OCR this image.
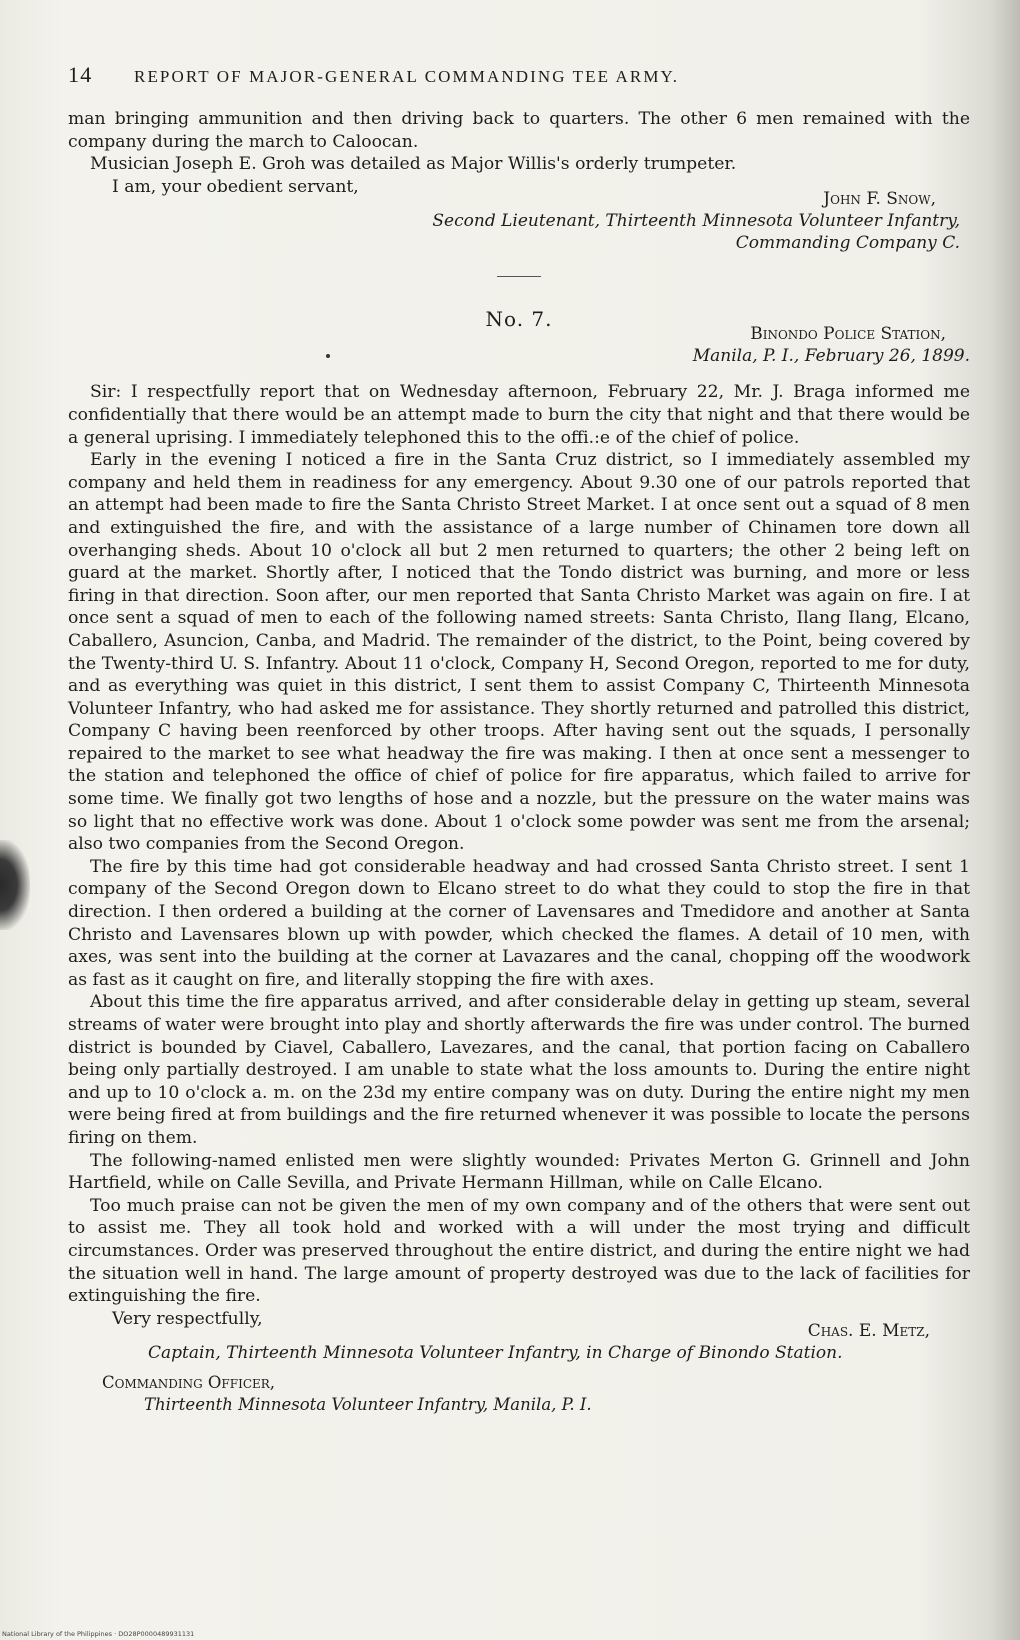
14	REPORT OF MAJOR-GENERAL COMMANDING TEE ARMY.

man bringing ammunition and then driving back to quarters. The other 6 men remained with the company during the march to Caloocan.

Musician Joseph E. Groh was detailed as Major Willis's orderly trumpeter.

I am, your obedient servant,

John F. Snow,
Second Lieutenant, Thirteenth Minnesota Volunteer Infantry,
Commanding Company C.
No. 7.
Binondo Police Station,
Manila, P. I., February 26, 1899.

Sir: I respectfully report that on Wednesday afternoon, February 22, Mr. J. Braga informed me confidentially that there would be an attempt made to burn the city that night and that there would be a general uprising. I immediately telephoned this to the offi.:e of the chief of police.

Early in the evening I noticed a fire in the Santa Cruz district, so I immediately assembled my company and held them in readiness for any emergency. About 9.30 one of our patrols reported that an attempt had been made to fire the Santa Christo Street Market. I at once sent out a squad of 8 men and extinguished the fire, and with the assistance of a large number of Chinamen tore down all overhanging sheds. About 10 o'clock all but 2 men returned to quarters; the other 2 being left on guard at the market. Shortly after, I noticed that the Tondo district was burning, and more or less firing in that direction. Soon after, our men reported that Santa Christo Market was again on fire. I at once sent a squad of men to each of the following named streets: Santa Christo, Ilang Ilang, Elcano, Caballero, Asuncion, Canba, and Madrid. The remainder of the district, to the Point, being covered by the Twenty-third U. S. Infantry. About 11 o'clock, Company H, Second Oregon, reported to me for duty, and as everything was quiet in this district, I sent them to assist Company C, Thirteenth Minnesota Volunteer Infantry, who had asked me for assistance. They shortly returned and patrolled this district, Company C having been reenforced by other troops. After having sent out the squads, I personally repaired to the market to see what headway the fire was making. I then at once sent a messenger to the station and telephoned the office of chief of police for fire apparatus, which failed to arrive for some time. We finally got two lengths of hose and a nozzle, but the pressure on the water mains was so light that no effective work was done. About 1 o'clock some powder was sent me from the arsenal; also two companies from the Second Oregon.

The fire by this time had got considerable headway and had crossed Santa Christo street. I sent 1 company of the Second Oregon down to Elcano street to do what they could to stop the fire in that direction. I then ordered a building at the corner of Lavensares and Tmedidore and another at Santa Christo and Lavensares blown up with powder, which checked the flames. A detail of 10 men, with axes, was sent into the building at the corner at Lavazares and the canal, chopping off the woodwork as fast as it caught on fire, and literally stopping the fire with axes.

About this time the fire apparatus arrived, and after considerable delay in getting up steam, several streams of water were brought into play and shortly afterwards the fire was under control. The burned district is bounded by Ciavel, Caballero, Lavezares, and the canal, that portion facing on Caballero being only partially destroyed. I am unable to state what the loss amounts to. During the entire night and up to 10 o'clock a. m. on the 23d my entire company was on duty. During the entire night my men were being fired at from buildings and the fire returned whenever it was possible to locate the persons firing on them.

The following-named enlisted men were slightly wounded: Privates Merton G. Grinnell and John Hartfield, while on Calle Sevilla, and Private Hermann Hillman, while on Calle Elcano.

Too much praise can not be given the men of my own company and of the others that were sent out to assist me. They all took hold and worked with a will under the most trying and difficult circumstances. Order was preserved throughout the entire district, and during the entire night we had the situation well in hand. The large amount of property destroyed was due to the lack of facilities for extinguishing the fire.

Very respectfully,

Chas. E. Metz,
Captain, Thirteenth Minnesota Volunteer Infantry, in Charge of Binondo Station.
Commanding Officer,
Thirteenth Minnesota Volunteer Infantry, Manila, P. I.
National Library of the Philippines · DO28P0000489931131
